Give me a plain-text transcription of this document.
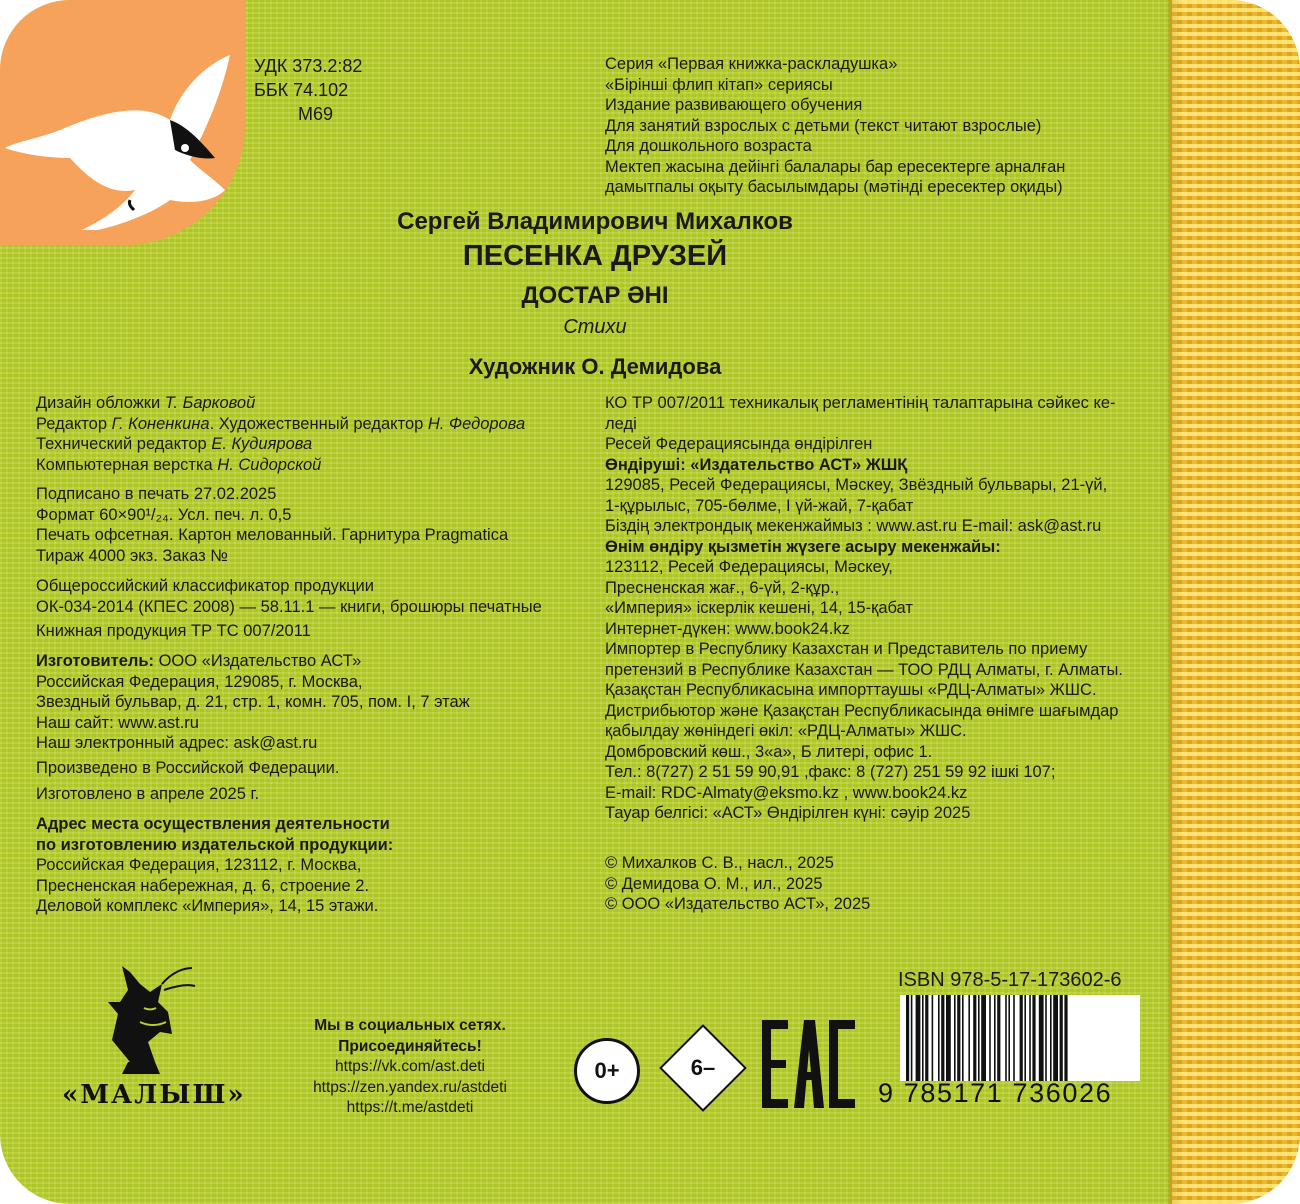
УДК 373.2:82
ББК 74.102
М69
Серия «Первая книжка-раскладушка»
«Бірінші флип кітап» сериясы
Издание развивающего обучения
Для занятий взрослых с детьми (текст читают взрослые)
Для дошкольного возраста
Мектеп жасына дейінгі балалары бар ересектерге арналған
дамытпалы оқыту басылымдары (мәтінді ересектер оқиды)
Сергей Владимирович Михалков
ПЕСЕНКА ДРУЗЕЙ
ДОСТАР ӘНІ
Стихи
Художник О. Демидова
Дизайн обложки Т. Барковой
Редактор Г. Коненкина. Художественный редактор Н. Федорова
Технический редактор Е. Кудиярова
Компьютерная верстка Н. Сидорской
Подписано в печать 27.02.2025
Формат 60×90¹/₂₄. Усл. печ. л. 0,5
Печать офсетная. Картон мелованный. Гарнитура Pragmatica
Тираж 4000 экз. Заказ №
Общероссийский классификатор продукции
ОК-034-2014 (КПЕС 2008) — 58.11.1 — книги, брошюры печатные
Книжная продукция ТР ТС 007/2011
Изготовитель: ООО «Издательство АСТ»
Российская Федерация, 129085, г. Москва,
Звездный бульвар, д. 21, стр. 1, комн. 705, пом. I, 7 этаж
Наш сайт: www.ast.ru
Наш электронный адрес: ask@ast.ru
Произведено в Российской Федерации.
Изготовлено в апреле 2025 г.
Адрес места осуществления деятельности
по изготовлению издательской продукции:
Российская Федерация, 123112, г. Москва,
Пресненская набережная, д. 6, строение 2.
Деловой комплекс «Империя», 14, 15 этажи.
КО ТР 007/2011 техникалық регламентінің талаптарына сәйкес ке-
леді
Ресей Федерациясында өндірілген
Өндіруші: «Издательство АСТ» ЖШҚ
129085, Ресей Федерациясы, Мәскеу, Звёздный бульвары, 21-үй,
1-құрылыс, 705-бөлме, I үй-жай, 7-қабат
Біздің электрондық мекенжаймыз : www.ast.ru E-mail: ask@ast.ru
Өнім өндіру қызметін жүзеге асыру мекенжайы:
123112, Ресей Федерациясы, Мәскеу,
Пресненская жағ., 6-үй, 2-құр.,
«Империя» іскерлік кешені, 14, 15-қабат
Интернет-дүкен: www.book24.kz
Импортер в Республику Казахстан и Представитель по приему
претензий в Республике Казахстан — ТОО РДЦ Алматы, г. Алматы.
Қазақстан Республикасына импорттаушы «РДЦ-Алматы» ЖШС.
Дистрибьютор және Қазақстан Республикасында өнімге шағымдар
қабылдау жөніндегі өкіл: «РДЦ-Алматы» ЖШС.
Домбровский көш., 3«а», Б литері, офис 1.
Тел.: 8(727) 2 51 59 90,91 ,факс: 8 (727) 251 59 92 ішкі 107;
E-mail: RDC-Almaty@eksmo.kz , www.book24.kz
Тауар белгісі: «АСТ» Өндірілген күні: сәуір 2025
© Михалков С. В., насл., 2025
© Демидова О. М., ил., 2025
© ООО «Издательство АСТ», 2025
«МАЛЫШ»
Мы в социальных сетях.
Присоединяйтесь!
https://vk.com/ast.deti
https://zen.yandex.ru/astdeti
https://t.me/astdeti
0+	6–
ISBN 978-5-17-173602-6
9 785171 736026
